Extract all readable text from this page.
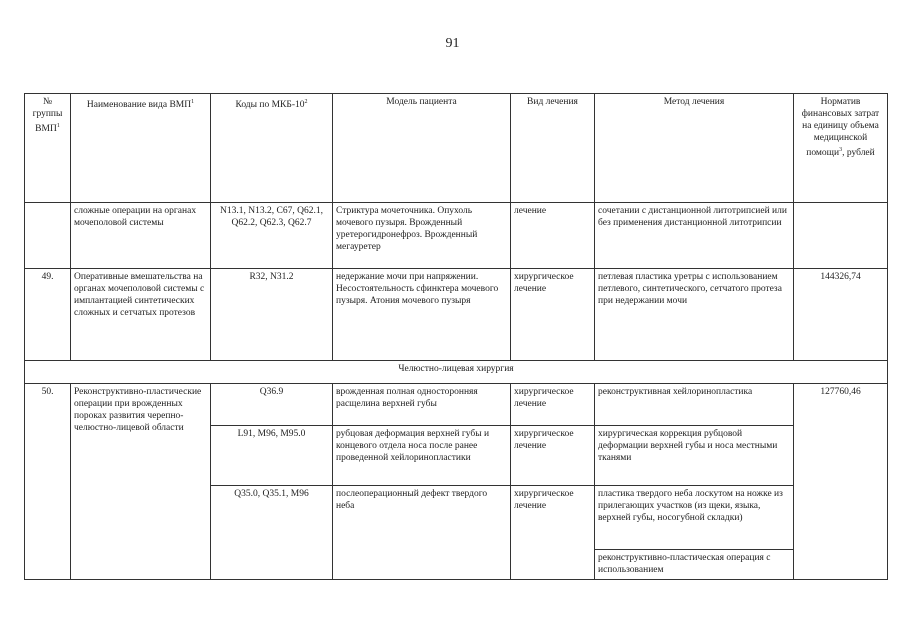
91
№
группы
ВМП$^1$	Наименование вида ВМП$^1$	Коды по МКБ-$10^2$	Модель пациента	Вид лечения	Метод лечения	Норматив финансовых затрат на единицу объема медицинской помощи$^3$, рублей
	сложные операции на органах мочеполовой системы	N13.1, N13.2, C67, Q62.1, Q62.2, Q62.3, Q62.7	Стриктура мочеточника. Опухоль мочевого пузыря. Врожденный уретерогидронефроз. Врожденный мегауретер	лечение	сочетании с дистанционной литотрипсией или без применения дистанционной литотрипсии	
49.	Оперативные вмешательства на органах мочеполовой системы с имплантацией синтетических сложных и сетчатых протезов	R32, N31.2	недержание мочи при напряжении. Несостоятельность сфинктера мочевого пузыря. Атония мочевого пузыря	хирургическое лечение	петлевая пластика уретры с использованием петлевого, синтетического, сетчатого протеза при недержании мочи	144326,74
Челюстно-лицевая хирургия						
50.	Реконструктивно-пластические операции при врожденных пороках развития черепно-челюстно-лицевой области	Q36.9	врожденная полная односторонняя расщелина верхней губы	хирургическое лечение	реконструктивная хейлоринопластика	127760,46
		L91, M96, M95.0	рубцовая деформация верхней губы и концевого отдела носа после ранее проведенной хейлоринопластики	хирургическое лечение	хирургическая коррекция рубцовой деформации верхней губы и носа местными тканями	
		Q35.0, Q35.1, M96	послеоперационный дефект твердого неба	хирургическое лечение	пластика твердого неба лоскутом на ножке из прилегающих участков (из щеки, языка, верхней губы, носогубной складки)	
					реконструктивно-пластическая операция с использованием	
